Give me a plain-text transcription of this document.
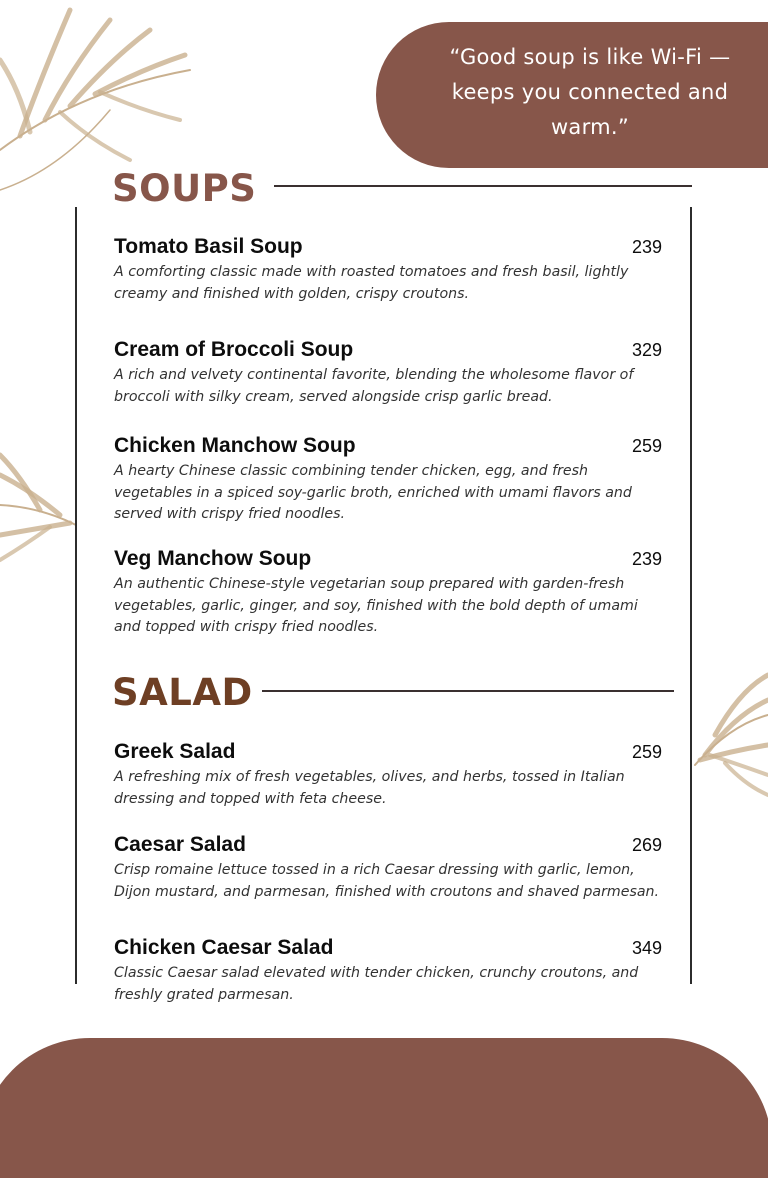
“Good soup is like Wi-Fi — keeps you connected and warm.”
SOUPS
Tomato Basil Soup	239
A comforting classic made with roasted tomatoes and fresh basil, lightly creamy and finished with golden, crispy croutons.
Cream of Broccoli Soup	329
A rich and velvety continental favorite, blending the wholesome flavor of broccoli with silky cream, served alongside crisp garlic bread.
Chicken Manchow Soup	259
A hearty Chinese classic combining tender chicken, egg, and fresh vegetables in a spiced soy-garlic broth, enriched with umami flavors and served with crispy fried noodles.
Veg Manchow Soup	239
An authentic Chinese-style vegetarian soup prepared with garden-fresh vegetables, garlic, ginger, and soy, finished with the bold depth of umami and topped with crispy fried noodles.
SALAD
Greek Salad	259
A refreshing mix of fresh vegetables, olives, and herbs, tossed in Italian dressing and topped with feta cheese.
Caesar Salad	269
Crisp romaine lettuce tossed in a rich Caesar dressing with garlic, lemon, Dijon mustard, and parmesan, finished with croutons and shaved parmesan.
Chicken Caesar Salad	349
Classic Caesar salad elevated with tender chicken, crunchy croutons, and freshly grated parmesan.
